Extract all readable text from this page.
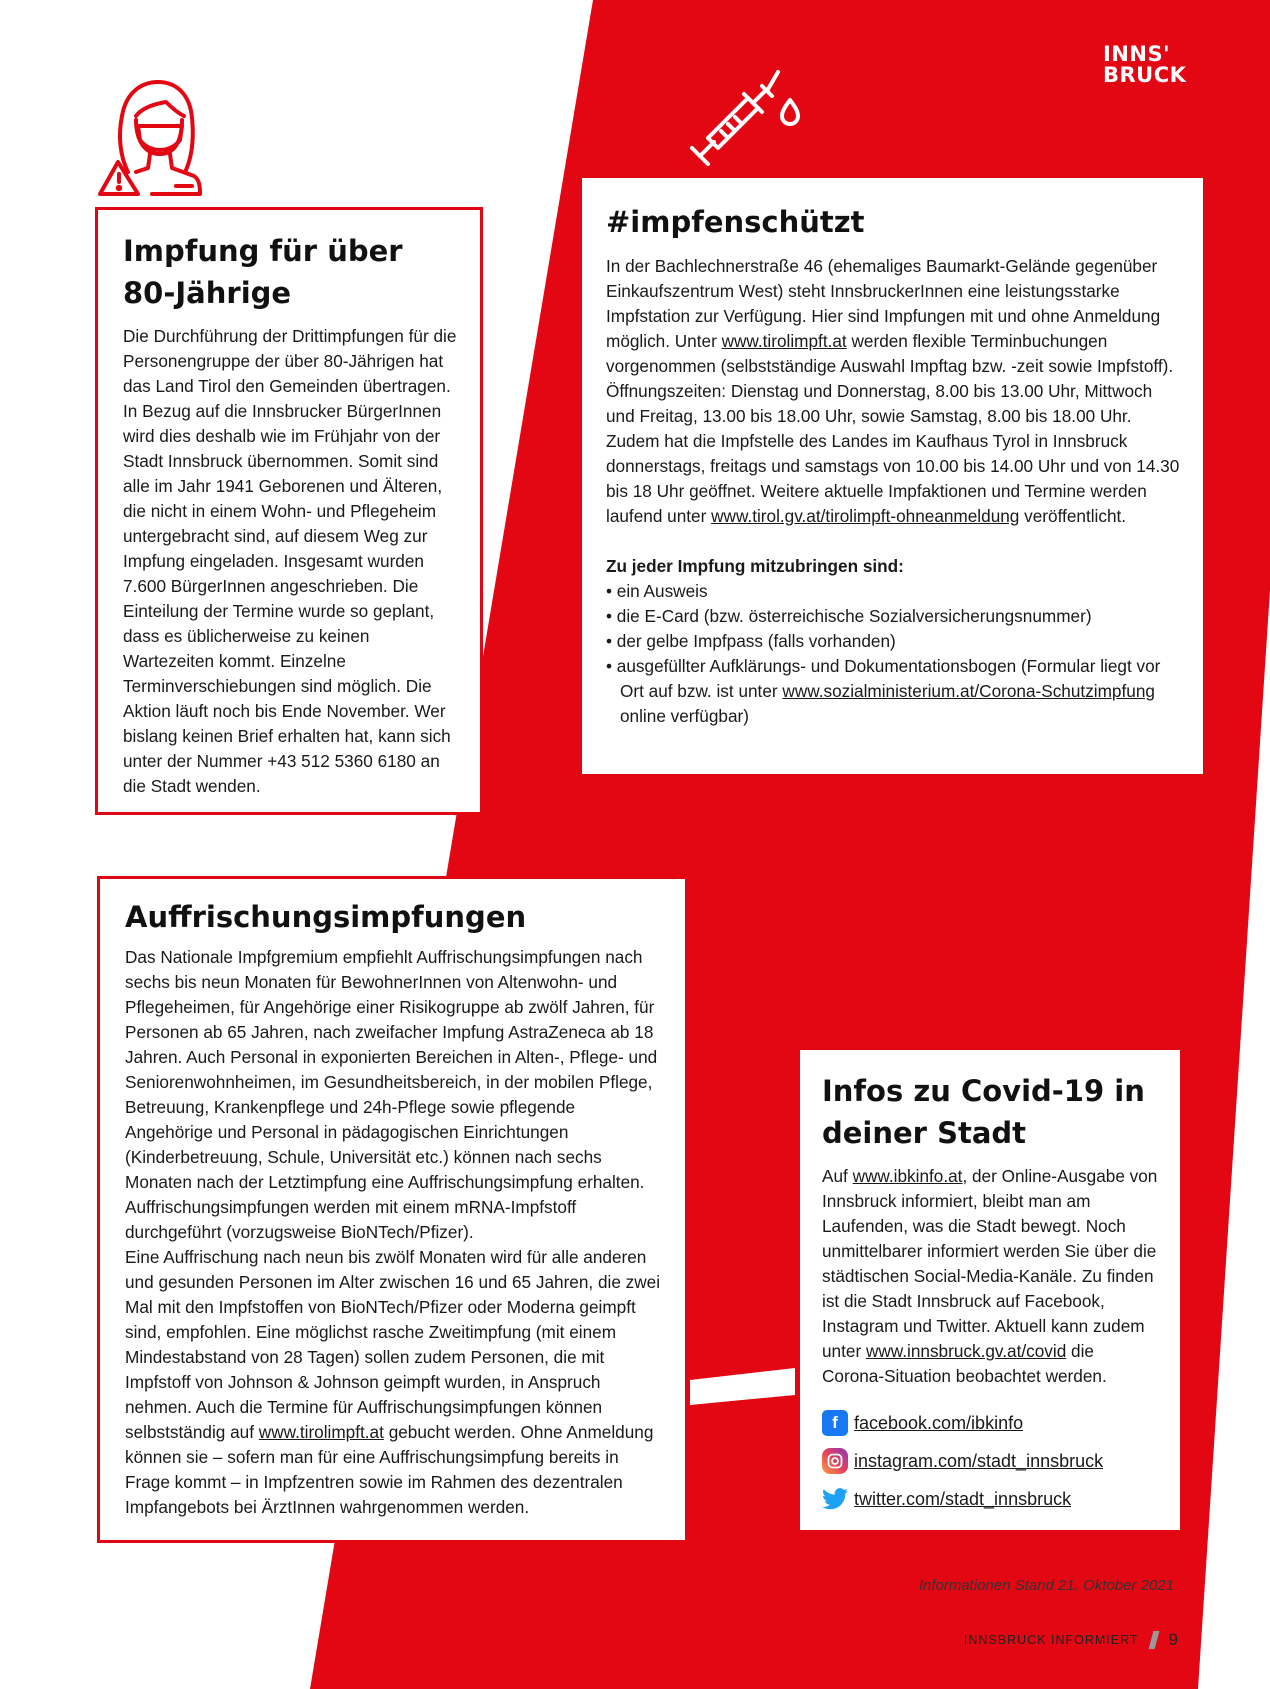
INNS'
BRUCK
Impfung für über 80-Jährige

Die Durchführung der Drittimpfungen für die Personengruppe der über 80-Jährigen hat das Land Tirol den Gemeinden übertragen. In Bezug auf die Innsbrucker BürgerInnen wird dies deshalb wie im Frühjahr von der Stadt Innsbruck übernommen. Somit sind alle im Jahr 1941 Geborenen und Älteren, die nicht in einem Wohn- und Pflegeheim untergebracht sind, auf diesem Weg zur Impfung eingeladen. Insgesamt wurden 7.600 BürgerInnen angeschrieben. Die Einteilung der Termine wurde so geplant, dass es üblicherweise zu keinen Wartezeiten kommt. Einzelne Terminverschiebungen sind möglich. Die Aktion läuft noch bis Ende November. Wer bislang keinen Brief erhalten hat, kann sich unter der Nummer +43 512 5360 6180 an die Stadt wenden.

#impfenschützt

In der Bachlechnerstraße 46 (ehemaliges Baumarkt-Gelände gegenüber Einkaufszentrum West) steht InnsbruckerInnen eine leistungsstarke Impfstation zur Verfügung. Hier sind Impfungen mit und ohne Anmeldung möglich. Unter www.tirolimpft.at werden flexible Terminbuchungen vorgenommen (selbstständige Auswahl Impftag bzw. -zeit sowie Impfstoff). Öffnungszeiten: Dienstag und Donnerstag, 8.00 bis 13.00 Uhr, Mittwoch und Freitag, 13.00 bis 18.00 Uhr, sowie Samstag, 8.00 bis 18.00 Uhr. Zudem hat die Impfstelle des Landes im Kaufhaus Tyrol in Innsbruck donnerstags, freitags und samstags von 10.00 bis 14.00 Uhr und von 14.30 bis 18 Uhr geöffnet. Weitere aktuelle Impfaktionen und Termine werden laufend unter www.tirol.gv.at/tirolimpft-ohneanmeldung veröffentlicht.

Zu jeder Impfung mitzubringen sind:

• ein Ausweis
• die E-Card (bzw. österreichische Sozialversicherungsnummer)
• der gelbe Impfpass (falls vorhanden)
• ausgefüllter Aufklärungs- und Dokumentationsbogen (Formular liegt vor Ort auf bzw. ist unter www.sozialministerium.at/Corona-Schutzimpfung online verfügbar)
Auffrischungsimpfungen

Das Nationale Impfgremium empfiehlt Auffrischungsimpfungen nach sechs bis neun Monaten für BewohnerInnen von Altenwohn- und Pflegeheimen, für Angehörige einer Risikogruppe ab zwölf Jahren, für Personen ab 65 Jahren, nach zweifacher Impfung AstraZeneca ab 18 Jahren. Auch Personal in exponierten Bereichen in Alten-, Pflege- und Seniorenwohnheimen, im Gesundheitsbereich, in der mobilen Pflege, Betreuung, Krankenpflege und 24h-Pflege sowie pflegende Angehörige und Personal in pädagogischen Einrichtungen (Kinderbetreuung, Schule, Universität etc.) können nach sechs Monaten nach der Letztimpfung eine Auffrischungsimpfung erhalten. Auffrischungsimpfungen werden mit einem mRNA-Impfstoff durchgeführt (vorzugsweise BioNTech/Pfizer).

Eine Auffrischung nach neun bis zwölf Monaten wird für alle anderen und gesunden Personen im Alter zwischen 16 und 65 Jahren, die zwei Mal mit den Impfstoffen von BioNTech/Pfizer oder Moderna geimpft sind, empfohlen. Eine möglichst rasche Zweitimpfung (mit einem Mindestabstand von 28 Tagen) sollen zudem Personen, die mit Impfstoff von Johnson & Johnson geimpft wurden, in Anspruch nehmen. Auch die Termine für Auffrischungsimpfungen können selbstständig auf www.tirolimpft.at gebucht werden. Ohne Anmeldung können sie – sofern man für eine Auffrischungsimpfung bereits in Frage kommt – in Impfzentren sowie im Rahmen des dezentralen Impfangebots bei ÄrztInnen wahrgenommen werden.

Infos zu Covid-19 in deiner Stadt

Auf www.ibkinfo.at, der Online-Ausgabe von Innsbruck informiert, bleibt man am Laufenden, was die Stadt bewegt. Noch unmittelbarer informiert werden Sie über die städtischen Social-Media-Kanäle. Zu finden ist die Stadt Innsbruck auf Facebook, Instagram und Twitter. Aktuell kann zudem unter www.innsbruck.gv.at/covid die Corona-Situation beobachtet werden.

f facebook.com/ibkinfo
instagram.com/stadt_innsbruck
twitter.com/stadt_innsbruck
Informationen Stand 21. Oktober 2021
INNSBRUCK INFORMIERT 9
